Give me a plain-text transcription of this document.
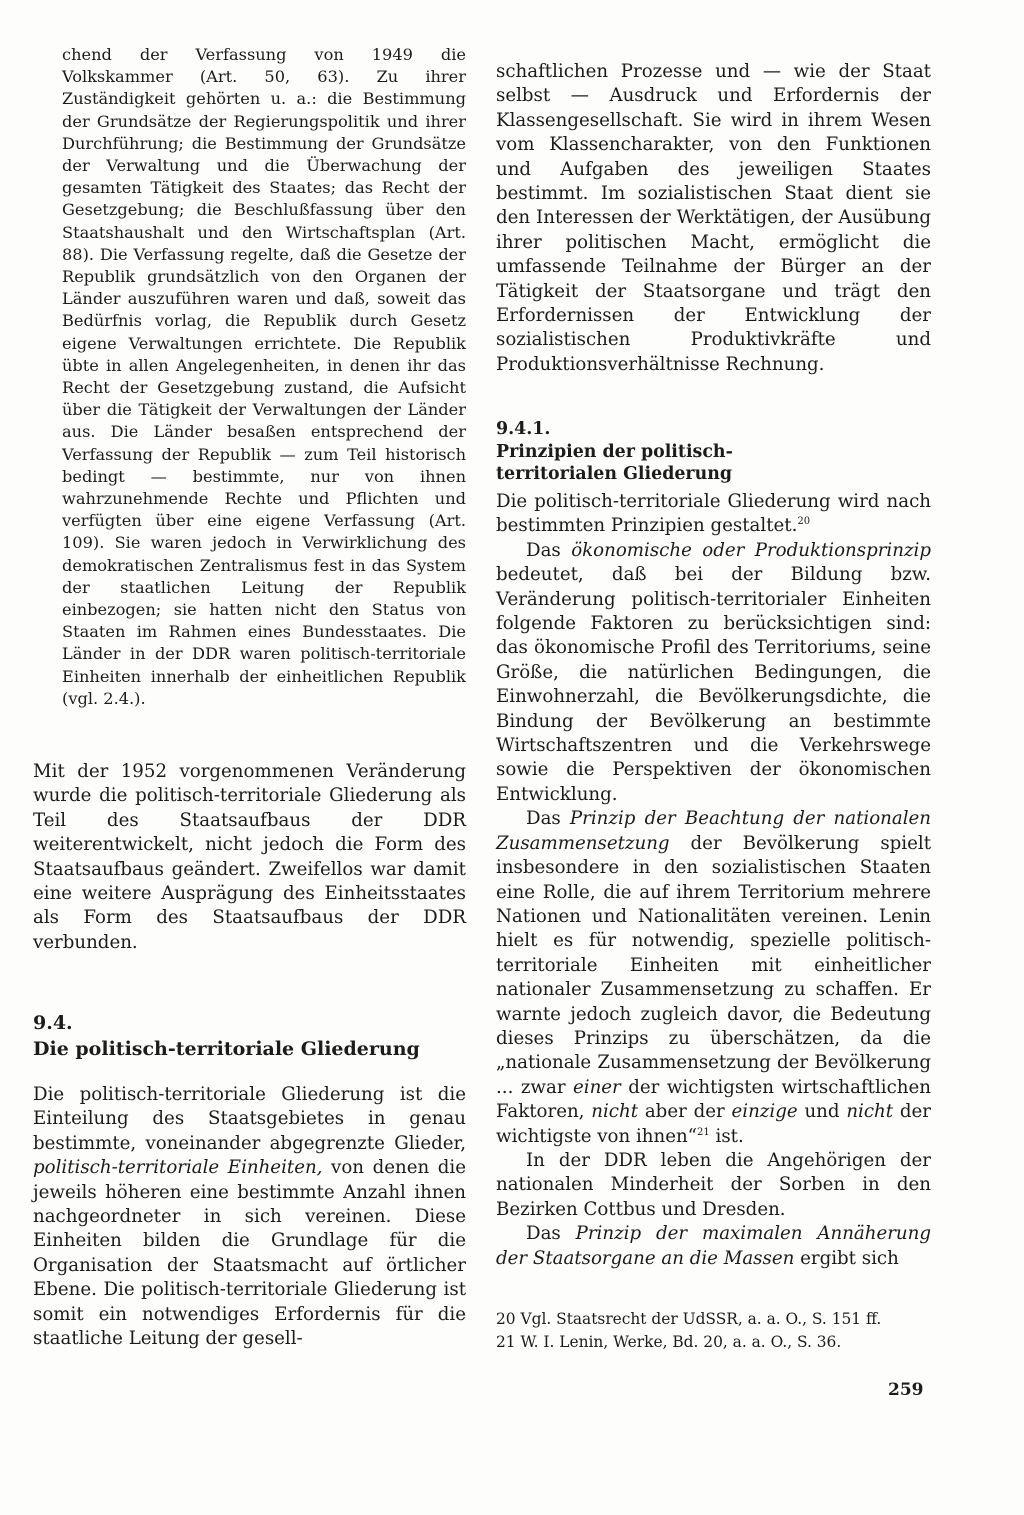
chend der Verfassung von 1949 die Volkskammer (Art. 50, 63). Zu ihrer Zuständigkeit gehörten u. a.: die Bestimmung der Grundsätze der Regierungspolitik und ihrer Durchführung; die Bestimmung der Grundsätze der Verwaltung und die Überwachung der gesamten Tätigkeit des Staates; das Recht der Gesetzgebung; die Beschlußfassung über den Staatshaushalt und den Wirtschaftsplan (Art. 88). Die Verfassung regelte, daß die Gesetze der Republik grundsätzlich von den Organen der Länder auszuführen waren und daß, soweit das Bedürfnis vorlag, die Republik durch Gesetz eigene Verwaltungen errichtete. Die Republik übte in allen Angelegenheiten, in denen ihr das Recht der Gesetzgebung zustand, die Aufsicht über die Tätigkeit der Verwaltungen der Länder aus. Die Länder besaßen entsprechend der Verfassung der Republik — zum Teil historisch bedingt — bestimmte, nur von ihnen wahrzunehmende Rechte und Pflichten und verfügten über eine eigene Verfassung (Art. 109). Sie waren jedoch in Verwirklichung des demokratischen Zentralismus fest in das System der staatlichen Leitung der Republik einbezogen; sie hatten nicht den Status von Staaten im Rahmen eines Bundesstaates. Die Länder in der DDR waren politisch-territoriale Einheiten innerhalb der einheitlichen Republik (vgl. 2.4.).

Mit der 1952 vorgenommenen Veränderung wurde die politisch-territoriale Gliederung als Teil des Staatsaufbaus der DDR weiterentwickelt, nicht jedoch die Form des Staatsaufbaus geändert. Zweifellos war damit eine weitere Ausprägung des Einheitsstaates als Form des Staatsaufbaus der DDR verbunden.

9.4.
Die politisch-territoriale Gliederung

Die politisch-territoriale Gliederung ist die Einteilung des Staatsgebietes in genau bestimmte, voneinander abgegrenzte Glieder, politisch-territoriale Einheiten, von denen die jeweils höheren eine bestimmte Anzahl ihnen nachgeordneter in sich vereinen. Diese Einheiten bilden die Grundlage für die Organisation der Staatsmacht auf örtlicher Ebene. Die politisch-territoriale Gliederung ist somit ein notwendiges Erfordernis für die staatliche Leitung der gesell-

schaftlichen Prozesse und — wie der Staat selbst — Ausdruck und Erfordernis der Klassengesellschaft. Sie wird in ihrem Wesen vom Klassencharakter, von den Funktionen und Aufgaben des jeweiligen Staates bestimmt. Im sozialistischen Staat dient sie den Interessen der Werktätigen, der Ausübung ihrer politischen Macht, ermöglicht die umfassende Teilnahme der Bürger an der Tätigkeit der Staatsorgane und trägt den Erfordernissen der Entwicklung der sozialistischen Produktivkräfte und Produktionsverhältnisse Rechnung.

9.4.1.
Prinzipien der politisch-
territorialen Gliederung

Die politisch-territoriale Gliederung wird nach bestimmten Prinzipien gestaltet.$^{20}$

Das ökonomische oder Produktionsprinzip bedeutet, daß bei der Bildung bzw. Veränderung politisch-territorialer Einheiten folgende Faktoren zu berücksichtigen sind: das ökonomische Profil des Territoriums, seine Größe, die natürlichen Bedingungen, die Einwohnerzahl, die Bevölkerungsdichte, die Bindung der Bevölkerung an bestimmte Wirtschaftszentren und die Verkehrswege sowie die Perspektiven der ökonomischen Entwicklung.

Das Prinzip der Beachtung der nationalen Zusammensetzung der Bevölkerung spielt insbesondere in den sozialistischen Staaten eine Rolle, die auf ihrem Territorium mehrere Nationen und Nationalitäten vereinen. Lenin hielt es für notwendig, spezielle politisch-territoriale Einheiten mit einheitlicher nationaler Zusammensetzung zu schaffen. Er warnte jedoch zugleich davor, die Bedeutung dieses Prinzips zu überschätzen, da die „nationale Zusammensetzung der Bevölkerung ... zwar einer der wichtigsten wirtschaftlichen Faktoren, nicht aber der einzige und nicht der wichtigste von ihnen“$^{21}$ ist.

In der DDR leben die Angehörigen der nationalen Minderheit der Sorben in den Bezirken Cottbus und Dresden.

Das Prinzip der maximalen Annäherung der Staatsorgane an die Massen ergibt sich

20 Vgl. Staatsrecht der UdSSR, a. a. O., S. 151 ff.
21 W. I. Lenin, Werke, Bd. 20, a. a. O., S. 36.
259
